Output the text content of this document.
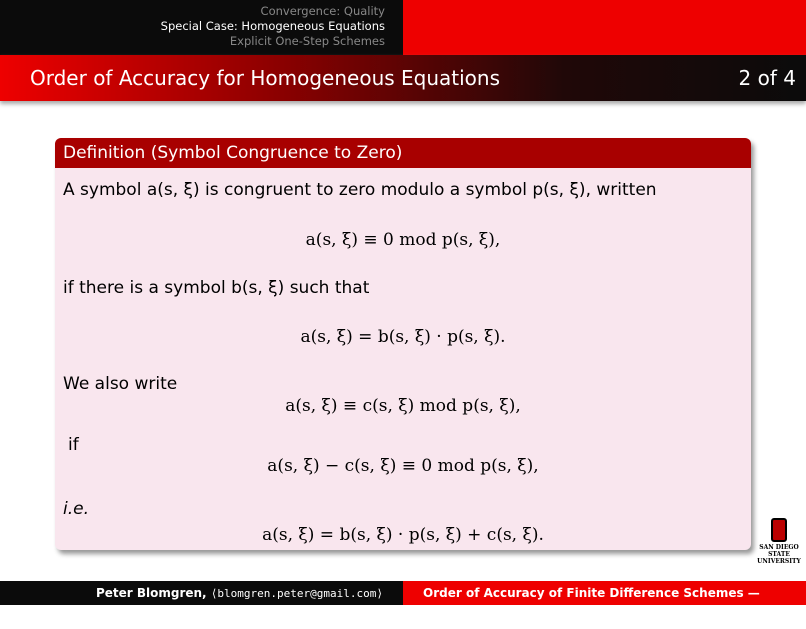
Convergence: Quality
Special Case: Homogeneous Equations
Explicit One-Step Schemes
Order of Accuracy for Homogeneous Equations	2 of 4
Definition (Symbol Congruence to Zero)
A symbol a(s, ξ) is congruent to zero modulo a symbol p(s, ξ), written
a(s, ξ) ≡ 0 mod p(s, ξ),
if there is a symbol b(s, ξ) such that
a(s, ξ) = b(s, ξ) · p(s, ξ).
We also write
a(s, ξ) ≡ c(s, ξ) mod p(s, ξ),
if
a(s, ξ) − c(s, ξ) ≡ 0 mod p(s, ξ),
i.e.
a(s, ξ) = b(s, ξ) · p(s, ξ) + c(s, ξ).
SAN DIEGO STATE UNIVERSITY
Peter Blomgren, ⟨blomgren.peter@gmail.com⟩	Order of Accuracy of Finite Difference Schemes — (23/28)
